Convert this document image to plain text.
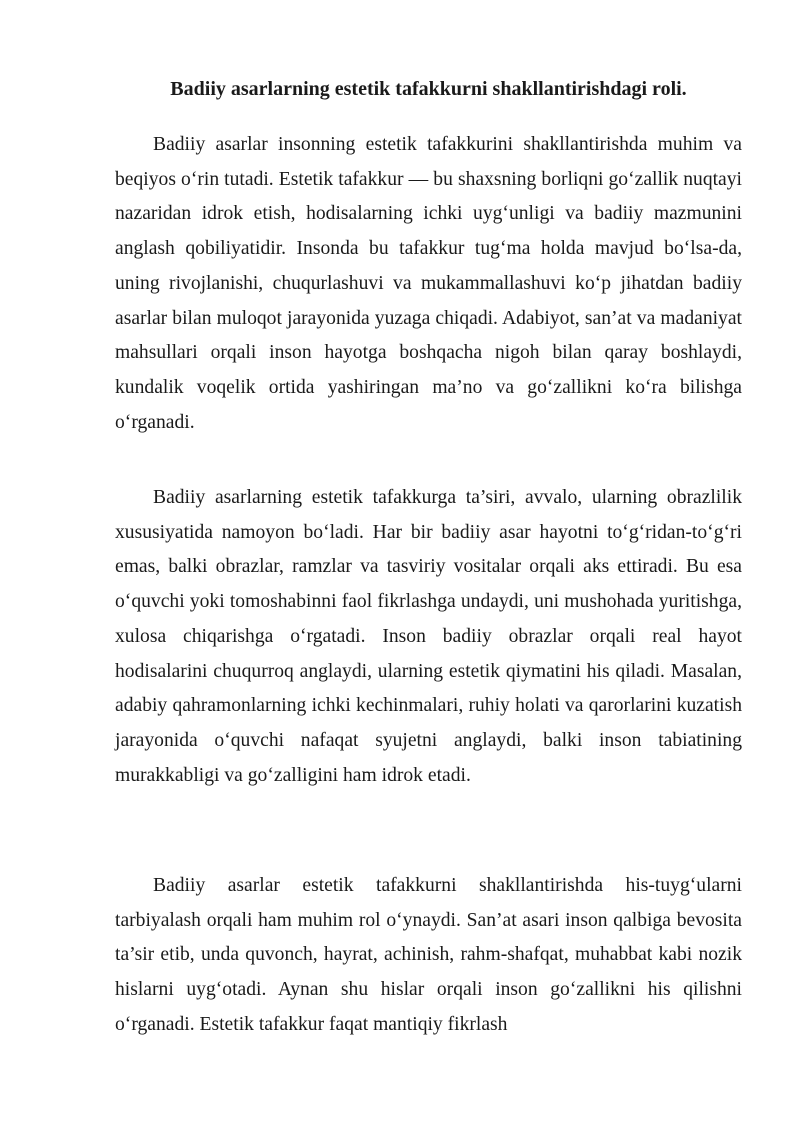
Badiiy asarlarning estetik tafakkurni shakllantirishdagi roli.

Badiiy asarlar insonning estetik tafakkurini shakllantirishda muhim va beqiyos o‘rin tutadi. Estetik tafakkur — bu shaxsning borliqni go‘zallik nuqtayi nazaridan idrok etish, hodisalarning ichki uyg‘unligi va badiiy mazmunini anglash qobiliyatidir. Insonda bu tafakkur tug‘ma holda mavjud bo‘lsa-da, uning rivojlanishi, chuqurlashuvi va mukammallashuvi ko‘p jihatdan badiiy asarlar bilan muloqot jarayonida yuzaga chiqadi. Adabiyot, san’at va madaniyat mahsullari orqali inson hayotga boshqacha nigoh bilan qaray boshlaydi, kundalik voqelik ortida yashiringan ma’no va go‘zallikni ko‘ra bilishga o‘rganadi.

Badiiy asarlarning estetik tafakkurga ta’siri, avvalo, ularning obrazlilik xususiyatida namoyon bo‘ladi. Har bir badiiy asar hayotni to‘g‘ridan-to‘g‘ri emas, balki obrazlar, ramzlar va tasviriy vositalar orqali aks ettiradi. Bu esa o‘quvchi yoki tomoshabinni faol fikrlashga undaydi, uni mushohada yuritishga, xulosa chiqarishga o‘rgatadi. Inson badiiy obrazlar orqali real hayot hodisalarini chuqurroq anglaydi, ularning estetik qiymatini his qiladi. Masalan, adabiy qahramonlarning ichki kechinmalari, ruhiy holati va qarorlarini kuzatish jarayonida o‘quvchi nafaqat syujetni anglaydi, balki inson tabiatining murakkabligi va go‘zalligini ham idrok etadi.

Badiiy asarlar estetik tafakkurni shakllantirishda his-tuyg‘ularni tarbiyalash orqali ham muhim rol o‘ynaydi. San’at asari inson qalbiga bevosita ta’sir etib, unda quvonch, hayrat, achinish, rahm-shafqat, muhabbat kabi nozik hislarni uyg‘otadi. Aynan shu hislar orqali inson go‘zallikni his qilishni o‘rganadi. Estetik tafakkur faqat mantiqiy fikrlash
